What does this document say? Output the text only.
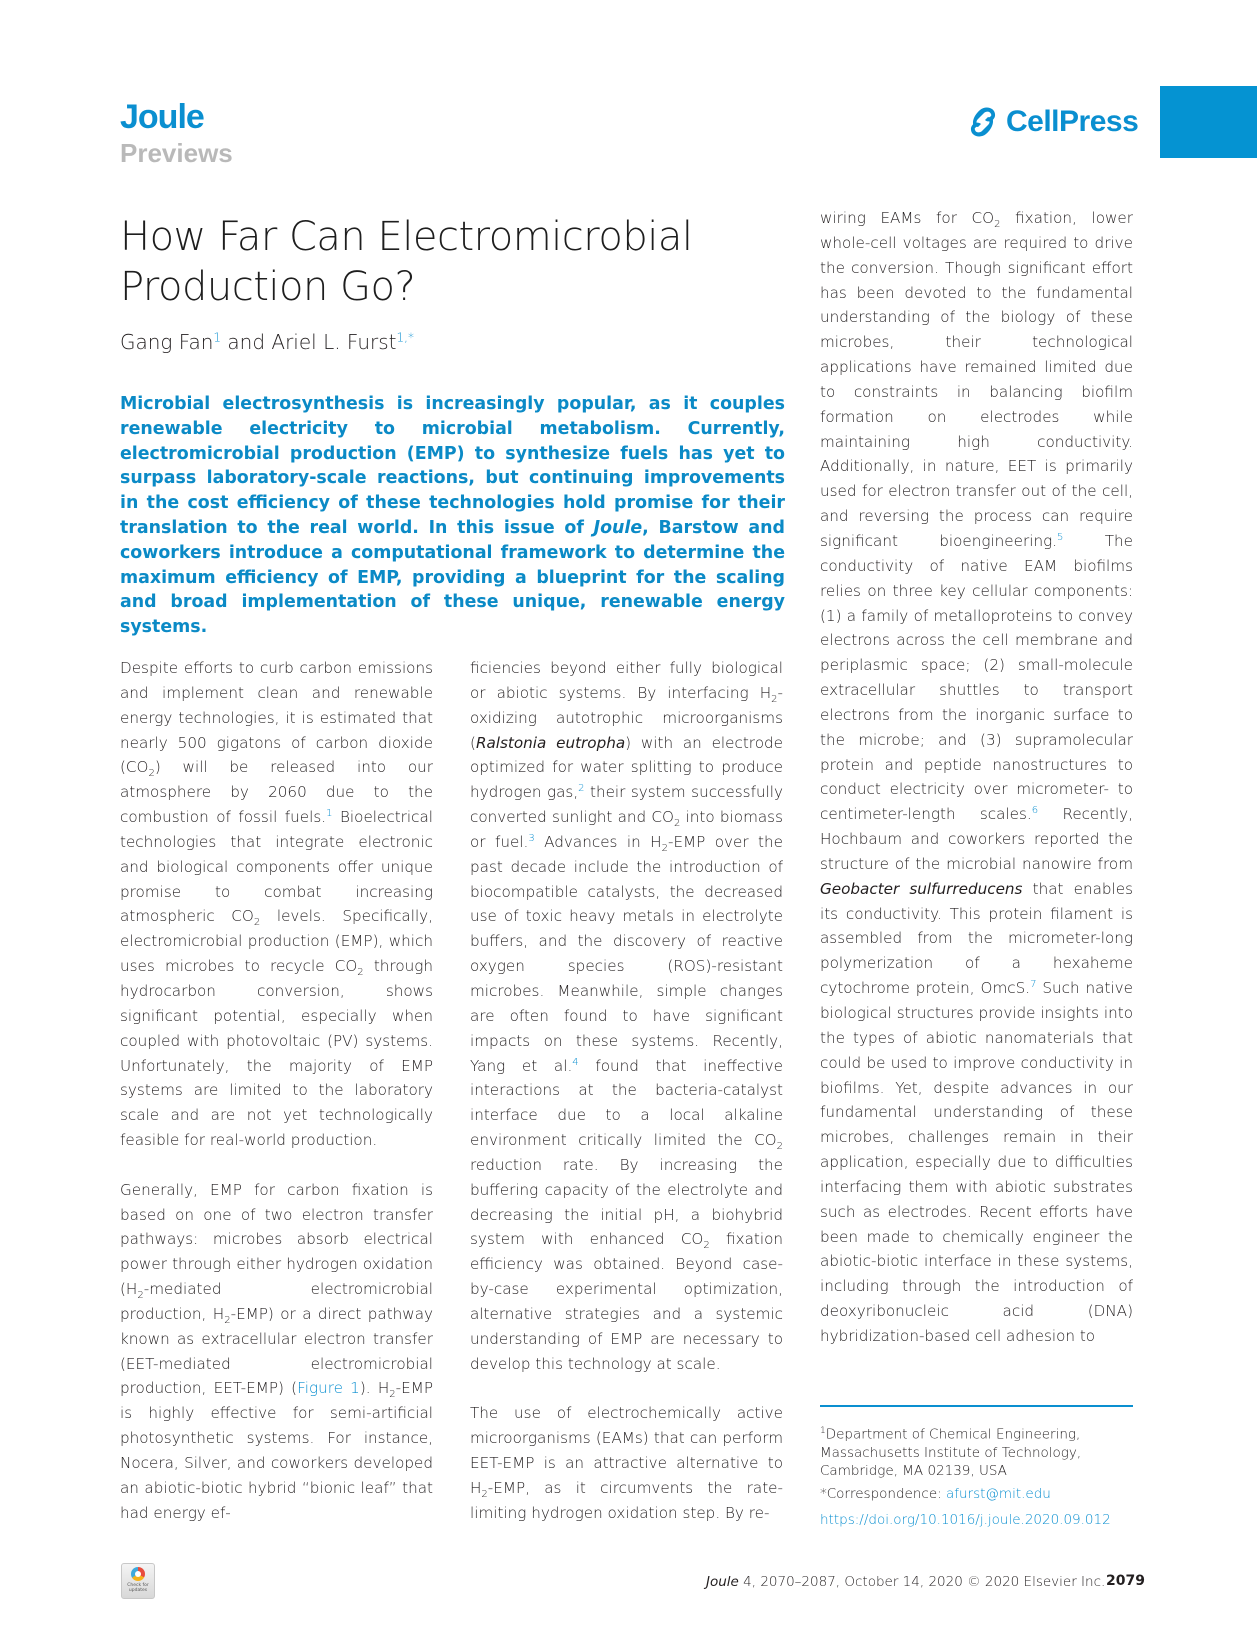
Joule
Previews
CellPress
How Far Can Electromicrobial Production Go?
Gang Fan$^1$ and Ariel L. Furst$^{1,*}$
Microbial electrosynthesis is increasingly popular, as it couples renewable electricity to microbial metabolism. Currently, electromicrobial production (EMP) to synthesize fuels has yet to surpass laboratory-scale reactions, but continuing improvements in the cost efficiency of these technologies hold promise for their translation to the real world. In this issue of Joule, Barstow and coworkers introduce a computational framework to determine the maximum efficiency of EMP, providing a blueprint for the scaling and broad implementation of these unique, renewable energy systems.

Despite efforts to curb carbon emissions and implement clean and renewable energy technologies, it is estimated that nearly 500 gigatons of carbon dioxide $(CO_2)$ will be released into our atmosphere by 2060 due to the combustion of fossil fuels.$^1$ Bioelectrical technologies that integrate electronic and biological components offer unique promise to combat increasing atmospheric $CO_2$ levels. Specifically, electromicrobial production (EMP), which uses microbes to recycle $CO_2$ through hydrocarbon conversion, shows significant potential, especially when coupled with photovoltaic (PV) systems. Unfortunately, the majority of EMP systems are limited to the laboratory scale and are not yet technologically feasible for real-world production.

Generally, EMP for carbon fixation is based on one of two electron transfer pathways: microbes absorb electrical power through either hydrogen oxidation ($H_2$-mediated electromicrobial production, $H_2-EMP$) or a direct pathway known as extracellular electron transfer (EET-mediated electromicrobial production, EET-EMP) (Figure 1). $H_2$-EMP is highly effective for semi-artificial photosynthetic systems. For instance, Nocera, Silver, and coworkers developed an abiotic-biotic hybrid “bionic leaf” that had energy ef-

ficiencies beyond either fully biological or abiotic systems. By interfacing $H_2$-oxidizing autotrophic microorganisms (Ralstonia eutropha) with an electrode optimized for water splitting to produce hydrogen gas,$^2$ their system successfully converted sunlight and $CO_2$ into biomass or fuel.$^3$ Advances in $H_2$-EMP over the past decade include the introduction of biocompatible catalysts, the decreased use of toxic heavy metals in electrolyte buffers, and the discovery of reactive oxygen species (ROS)-resistant microbes. Meanwhile, simple changes are often found to have significant impacts on these systems. Recently, Yang et al.$^4$ found that ineffective interactions at the bacteria-catalyst interface due to a local alkaline environment critically limited the $CO_2$ reduction rate. By increasing the buffering capacity of the electrolyte and decreasing the initial pH, a biohybrid system with enhanced $CO_2$ fixation efficiency was obtained. Beyond case-by-case experimental optimization, alternative strategies and a systemic understanding of EMP are necessary to develop this technology at scale.

The use of electrochemically active microorganisms (EAMs) that can perform EET-EMP is an attractive alternative to $H_2$-EMP, as it circumvents the rate-limiting hydrogen oxidation step. By re-

wiring EAMs for $CO_2$ fixation, lower whole-cell voltages are required to drive the conversion. Though significant effort has been devoted to the fundamental understanding of the biology of these microbes, their technological applications have remained limited due to constraints in balancing biofilm formation on electrodes while maintaining high conductivity. Additionally, in nature, EET is primarily used for electron transfer out of the cell, and reversing the process can require significant bioengineering.$^5$ The conductivity of native EAM biofilms relies on three key cellular components: (1) a family of metalloproteins to convey electrons across the cell membrane and periplasmic space; (2) small-molecule extracellular shuttles to transport electrons from the inorganic surface to the microbe; and (3) supramolecular protein and peptide nanostructures to conduct electricity over micrometer- to centimeter-length scales.$^6$ Recently, Hochbaum and coworkers reported the structure of the microbial nanowire from Geobacter sulfurreducens that enables its conductivity. This protein filament is assembled from the micrometer-long polymerization of a hexaheme cytochrome protein, OmcS.$^7$ Such native biological structures provide insights into the types of abiotic nanomaterials that could be used to improve conductivity in biofilms. Yet, despite advances in our fundamental understanding of these microbes, challenges remain in their application, especially due to difficulties interfacing them with abiotic substrates such as electrodes. Recent efforts have been made to chemically engineer the abiotic-biotic interface in these systems, including through the introduction of deoxyribonucleic acid (DNA) hybridization-based cell adhesion to

$^1$Department of Chemical Engineering,
Massachusetts Institute of Technology,
Cambridge, MA 02139, USA
*Correspondence: afurst@mit.edu
https://doi.org/10.1016/j.joule.2020.09.012
Check for
updates
Joule 4, 2070–2087, October 14, 2020 © 2020 Elsevier Inc. 2079
